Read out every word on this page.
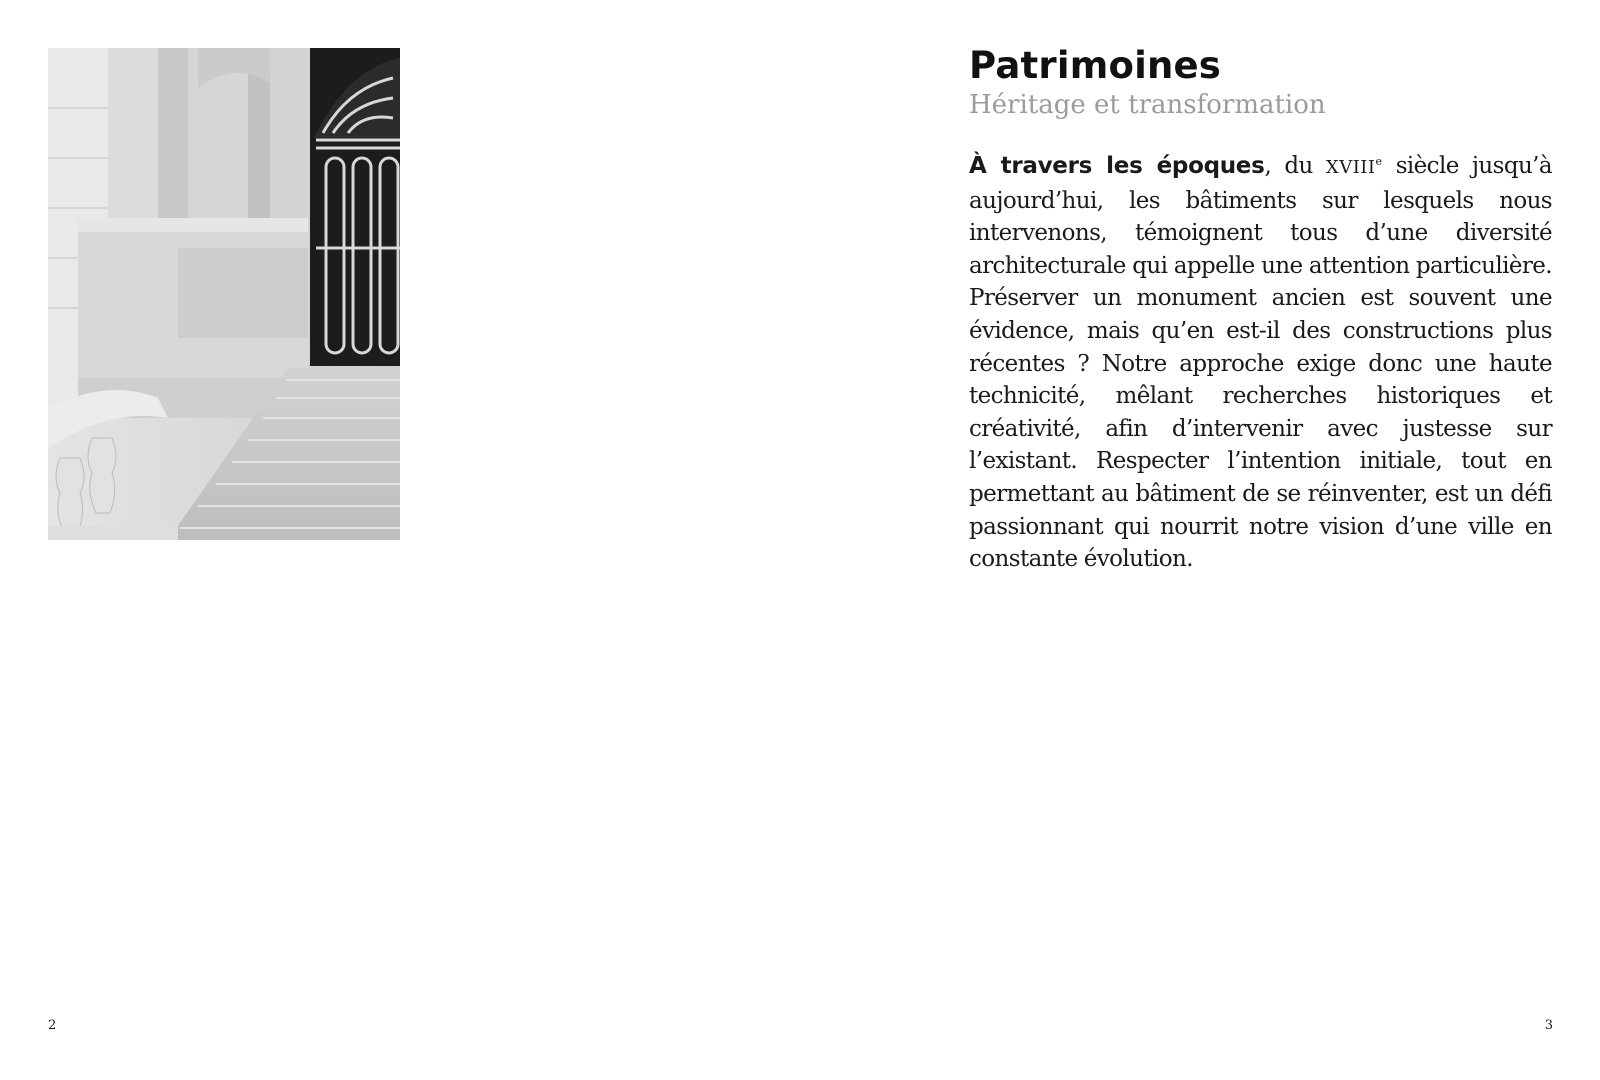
Patrimoines
Héritage et transformation

À travers les époques, du XVIIIe siècle jusqu’à aujourd’hui, les bâtiments sur lesquels nous intervenons, témoignent tous d’une diversité architecturale qui appelle une attention particulière. Préserver un monument ancien est souvent une évidence, mais qu’en est-il des constructions plus récentes ? Notre approche exige donc une haute technicité, mêlant recherches historiques et créativité, afin d’intervenir avec justesse sur l’existant. Respecter l’intention initiale, tout en permettant au bâtiment de se réinventer, est un défi passionnant qui nourrit notre vision d’une ville en constante évolution.

2	3
